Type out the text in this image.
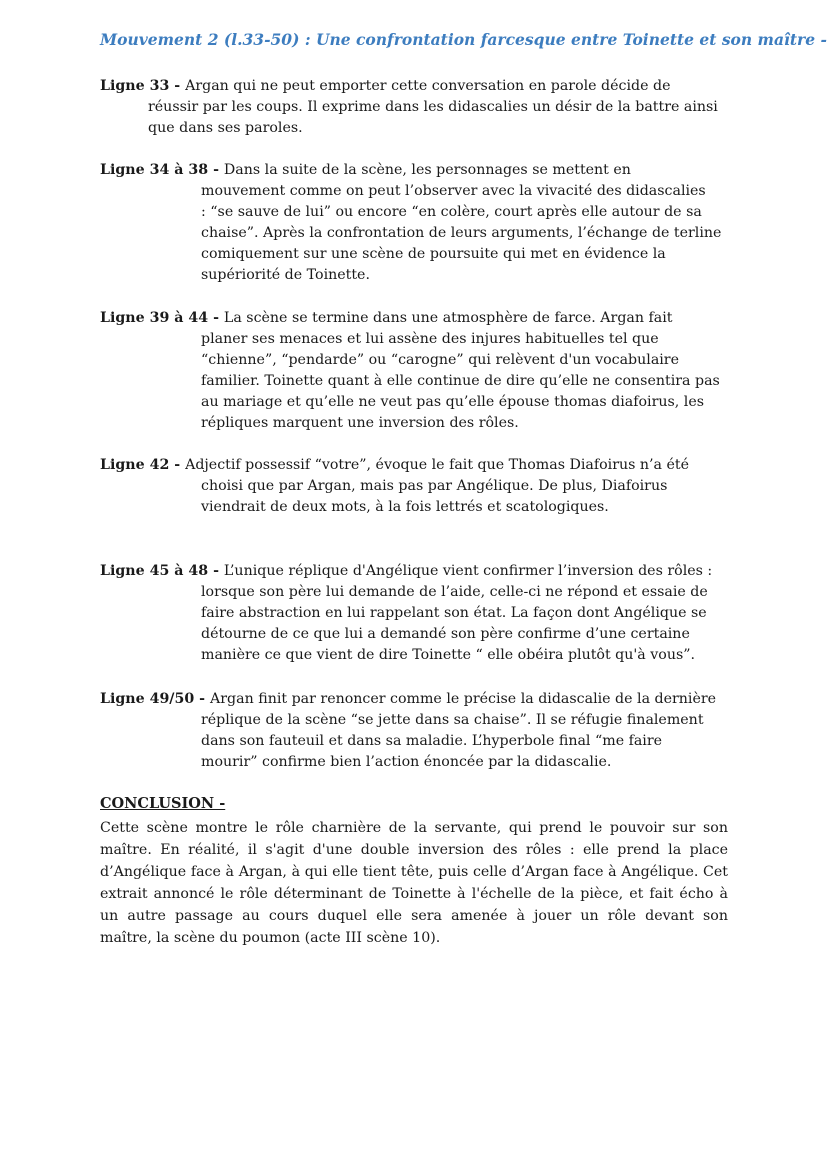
Mouvement 2 (l.33-50) : Une confrontation farcesque entre Toinette et son maître -
Ligne 33 - Argan qui ne peut emporter cette conversation en parole décide de
réussir par les coups. Il exprime dans les didascalies un désir de la battre ainsi
que dans ses paroles.
Ligne 34 à 38 - Dans la suite de la scène, les personnages se mettent en
mouvement comme on peut l’observer avec la vivacité des didascalies
: “se sauve de lui” ou encore “en colère, court après elle autour de sa
chaise”. Après la confrontation de leurs arguments, l’échange de terline
comiquement sur une scène de poursuite qui met en évidence la
supériorité de Toinette.
Ligne 39 à 44 - La scène se termine dans une atmosphère de farce. Argan fait
planer ses menaces et lui assène des injures habituelles tel que
“chienne”, “pendarde” ou “carogne” qui relèvent d'un vocabulaire
familier. Toinette quant à elle continue de dire qu’elle ne consentira pas
au mariage et qu’elle ne veut pas qu’elle épouse thomas diafoirus, les
répliques marquent une inversion des rôles.
Ligne 42 - Adjectif possessif “votre”, évoque le fait que Thomas Diafoirus n’a été
choisi que par Argan, mais pas par Angélique. De plus, Diafoirus
viendrait de deux mots, à la fois lettrés et scatologiques.
Ligne 45 à 48 - L’unique réplique d'Angélique vient confirmer l’inversion des rôles :
lorsque son père lui demande de l’aide, celle-ci ne répond et essaie de
faire abstraction en lui rappelant son état. La façon dont Angélique se
détourne de ce que lui a demandé son père confirme d’une certaine
manière ce que vient de dire Toinette “ elle obéira plutôt qu'à vous”.
Ligne 49/50 - Argan finit par renoncer comme le précise la didascalie de la dernière
réplique de la scène “se jette dans sa chaise”. Il se réfugie finalement
dans son fauteuil et dans sa maladie. L’hyperbole final “me faire
mourir” confirme bien l’action énoncée par la didascalie.
CONCLUSION -
Cette scène montre le rôle charnière de la servante, qui prend le pouvoir sur son
maître. En réalité, il s'agit d'une double inversion des rôles : elle prend la place
d’Angélique face à Argan, à qui elle tient tête, puis celle d’Argan face à Angélique. Cet
extrait annoncé le rôle déterminant de Toinette à l'échelle de la pièce, et fait écho à
un autre passage au cours duquel elle sera amenée à jouer un rôle devant son
maître, la scène du poumon (acte III scène 10).
